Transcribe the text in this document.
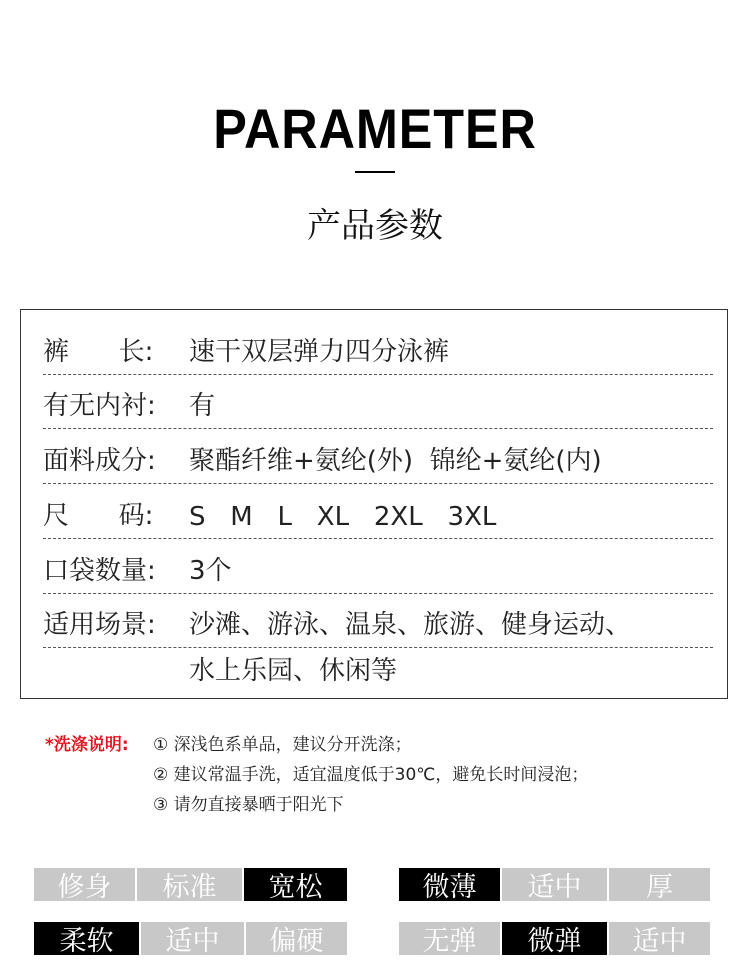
PARAMETER
产品参数
裤      长: 速干双层弹力四分泳裤
有无内衬: 有
面料成分: 聚酯纤维+氨纶(外)  锦纶+氨纶(内)
尺      码: S   M   L   XL   2XL   3XL
口袋数量: 3个
适用场景: 沙滩、游泳、温泉、旅游、健身运动、
水上乐园、休闲等
*洗涤说明: ① 深浅色系单品，建议分开洗涤；
② 建议常温手洗，适宜温度低于30℃，避免长时间浸泡；
③ 请勿直接暴晒于阳光下
修身	标准	宽松	微薄	适中	厚
柔软	适中	偏硬	无弹	微弹	适中
